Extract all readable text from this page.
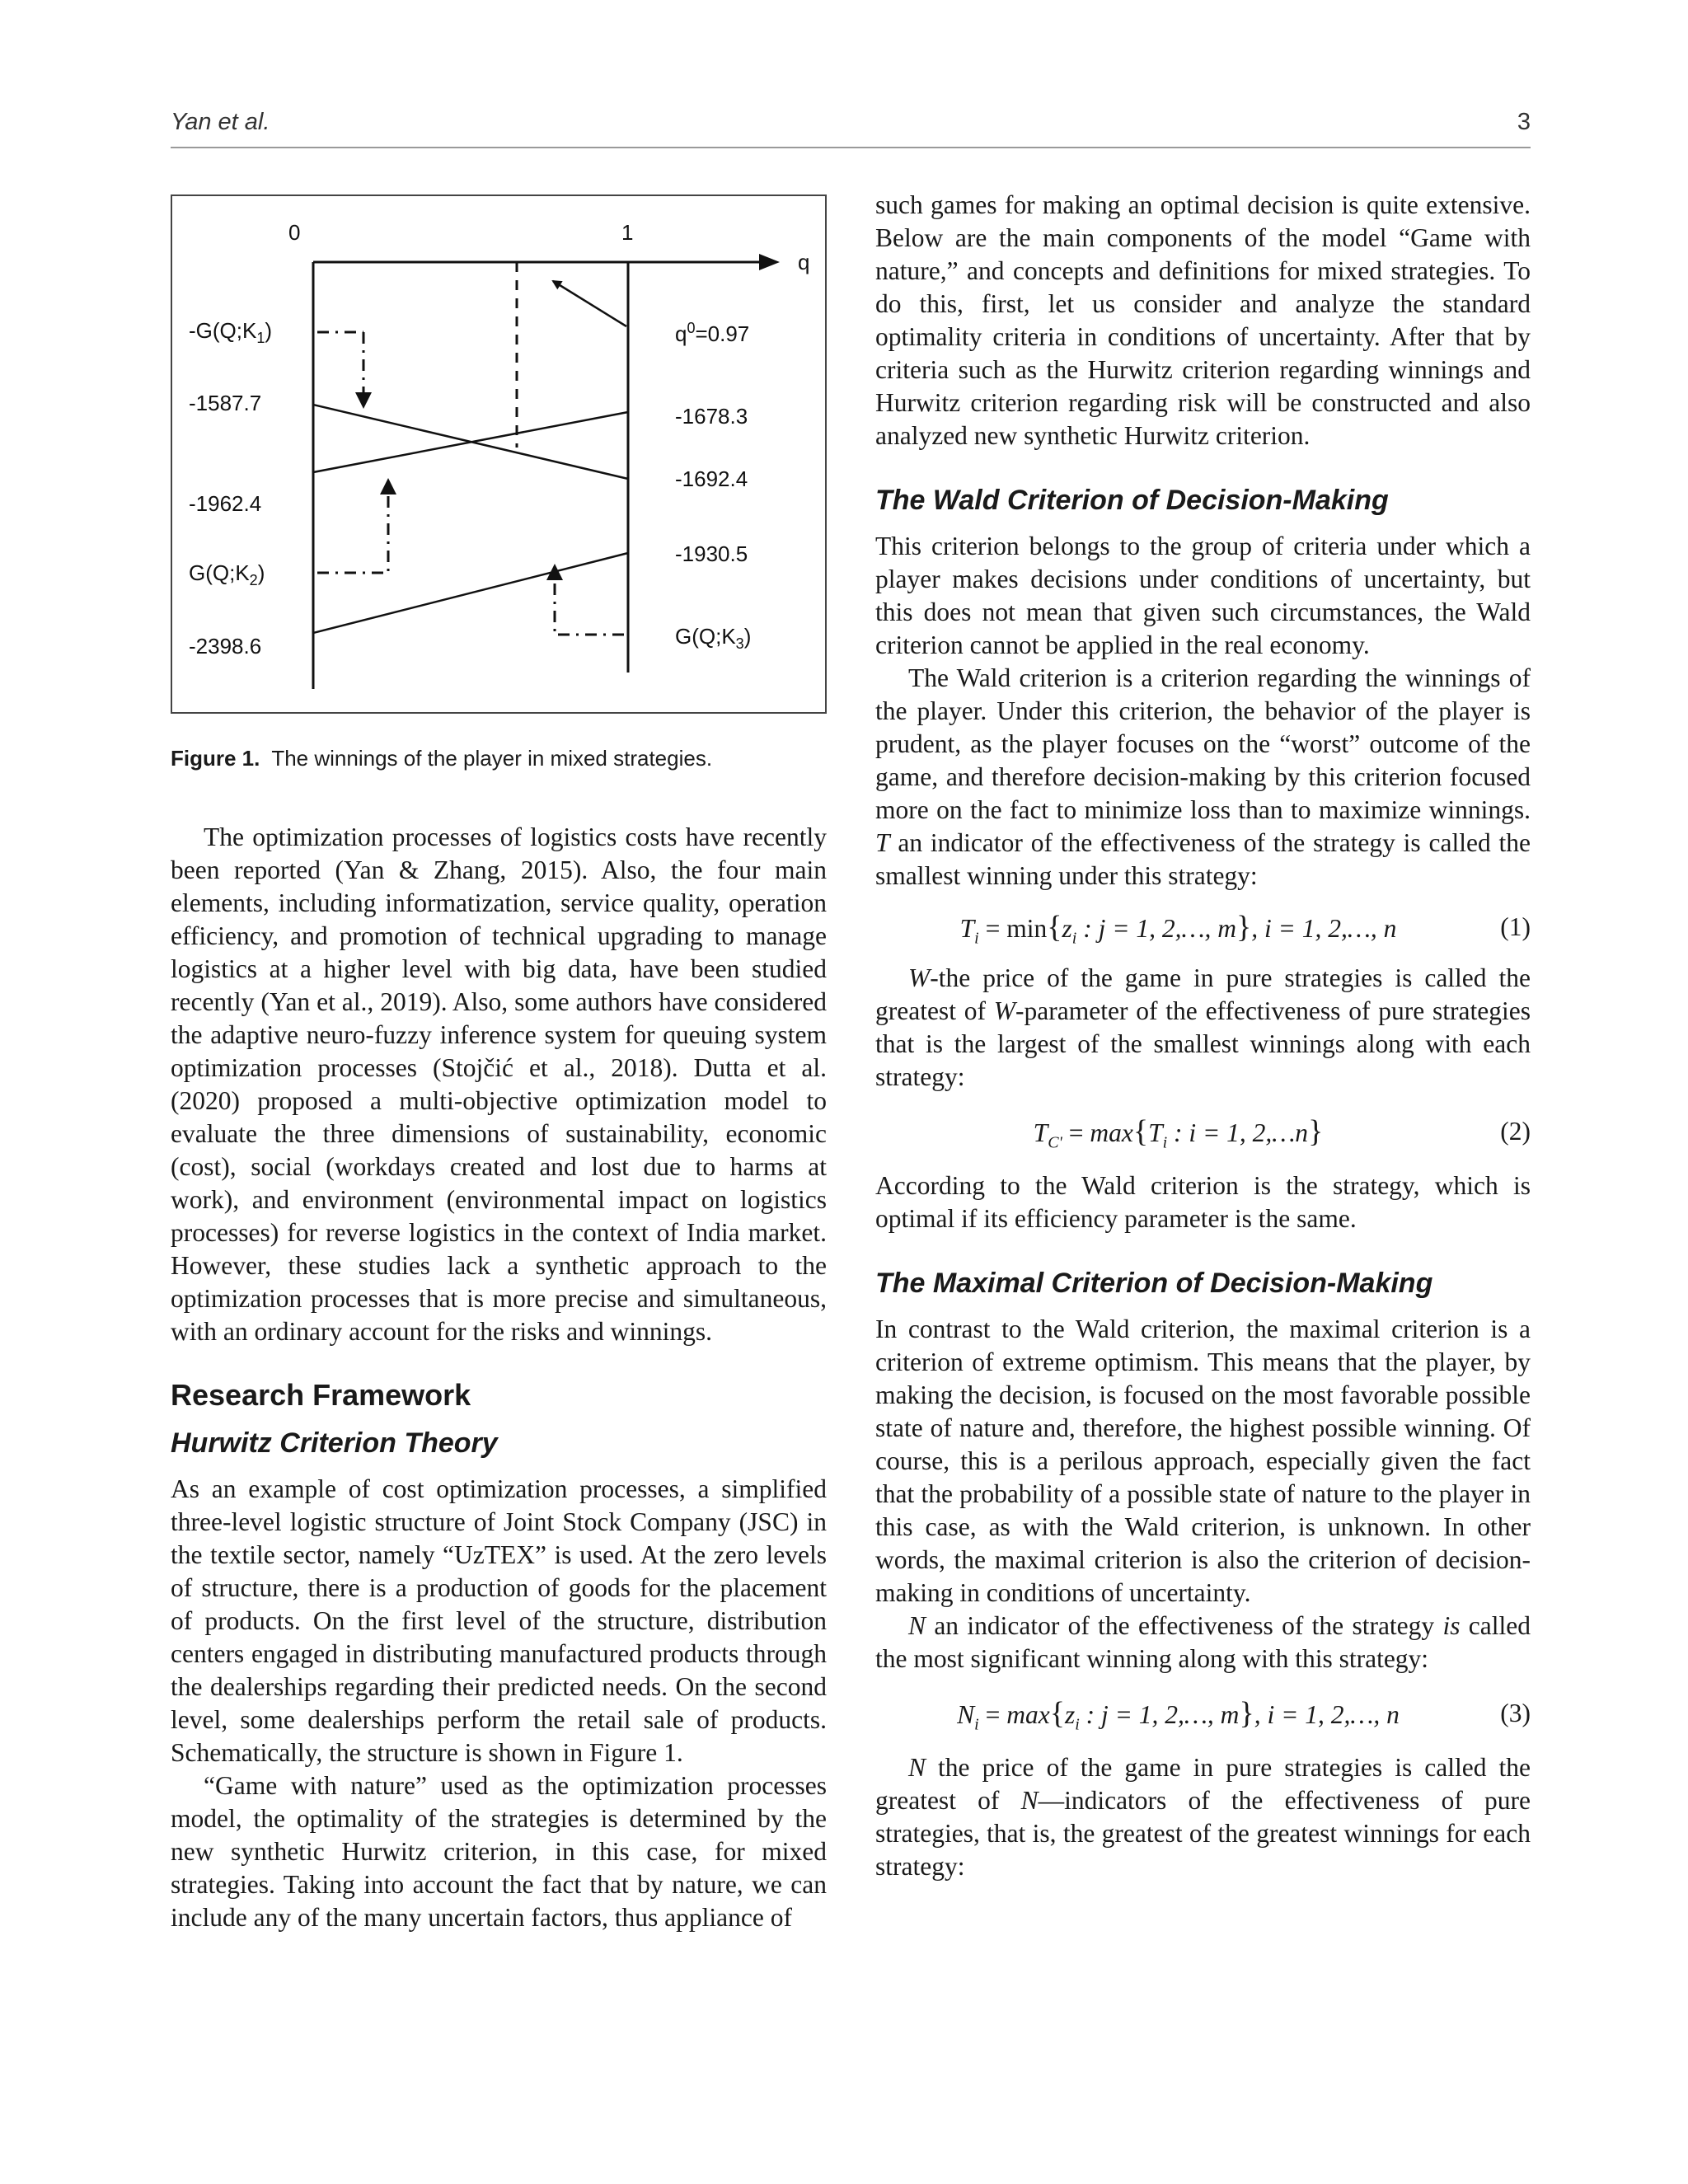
Yan et al.	3
0	1
q
$-G(Q;K_1)$
-1587.7
-1962.4
$G(Q;K_2)$
-2398.6
$q^0=0.97$
-1678.3
-1692.4
-1930.5
$G(Q;K_3)$
Figure 1. The winnings of the player in mixed strategies.

The optimization processes of logistics costs have recently been reported (Yan & Zhang, 2015). Also, the four main elements, including informatization, service quality, operation efficiency, and promotion of technical upgrading to manage logistics at a higher level with big data, have been studied recently (Yan et al., 2019). Also, some authors have considered the adaptive neuro-fuzzy inference system for queuing system optimization processes (Stojčić et al., 2018). Dutta et al. (2020) proposed a multi-objective optimization model to evaluate the three dimensions of sustainability, economic (cost), social (workdays created and lost due to harms at work), and environment (environmental impact on logistics processes) for reverse logistics in the context of India market. However, these studies lack a synthetic approach to the optimization processes that is more precise and simultaneous, with an ordinary account for the risks and winnings.

Research Framework
Hurwitz Criterion Theory

As an example of cost optimization processes, a simplified three-level logistic structure of Joint Stock Company (JSC) in the textile sector, namely “UzTEX” is used. At the zero levels of structure, there is a production of goods for the placement of products. On the first level of the structure, distribution centers engaged in distributing manufactured products through the dealerships regarding their predicted needs. On the second level, some dealerships perform the retail sale of products. Schematically, the structure is shown in Figure 1.

“Game with nature” used as the optimization processes model, the optimality of the strategies is determined by the new synthetic Hurwitz criterion, in this case, for mixed strategies. Taking into account the fact that by nature, we can include any of the many uncertain factors, thus appliance of

such games for making an optimal decision is quite extensive. Below are the main components of the model “Game with nature,” and concepts and definitions for mixed strategies. To do this, first, let us consider and analyze the standard optimality criteria in conditions of uncertainty. After that by criteria such as the Hurwitz criterion regarding winnings and Hurwitz criterion regarding risk will be constructed and also analyzed new synthetic Hurwitz criterion.

The Wald Criterion of Decision-Making

This criterion belongs to the group of criteria under which a player makes decisions under conditions of uncertainty, but this does not mean that given such circumstances, the Wald criterion cannot be applied in the real economy.

The Wald criterion is a criterion regarding the winnings of the player. Under this criterion, the behavior of the player is prudent, as the player focuses on the “worst” outcome of the game, and therefore decision-making by this criterion focused more on the fact to minimize loss than to maximize winnings. T an indicator of the effectiveness of the strategy is called the smallest winning under this strategy:

$T_i = \min\{z_i$ : j = 1, 2,…, m}, i = 1, 2,…, n	(1)

W-the price of the game in pure strategies is called the greatest of W-parameter of the effectiveness of pure strategies that is the largest of the smallest winnings along with each strategy:

$T_{C'} = \max\{T_i$ : i = 1, 2,…n}	(2)

According to the Wald criterion is the strategy, which is optimal if its efficiency parameter is the same.

The Maximal Criterion of Decision-Making

In contrast to the Wald criterion, the maximal criterion is a criterion of extreme optimism. This means that the player, by making the decision, is focused on the most favorable possible state of nature and, therefore, the highest possible winning. Of course, this is a perilous approach, especially given the fact that the probability of a possible state of nature to the player in this case, as with the Wald criterion, is unknown. In other words, the maximal criterion is also the criterion of decision-making in conditions of uncertainty.

N an indicator of the effectiveness of the strategy is called the most significant winning along with this strategy:

$N_i = \max\{z_i$ : j = 1, 2,…, m}, i = 1, 2,…, n	(3)

N the price of the game in pure strategies is called the greatest of N—indicators of the effectiveness of pure strategies, that is, the greatest of the greatest winnings for each strategy:
